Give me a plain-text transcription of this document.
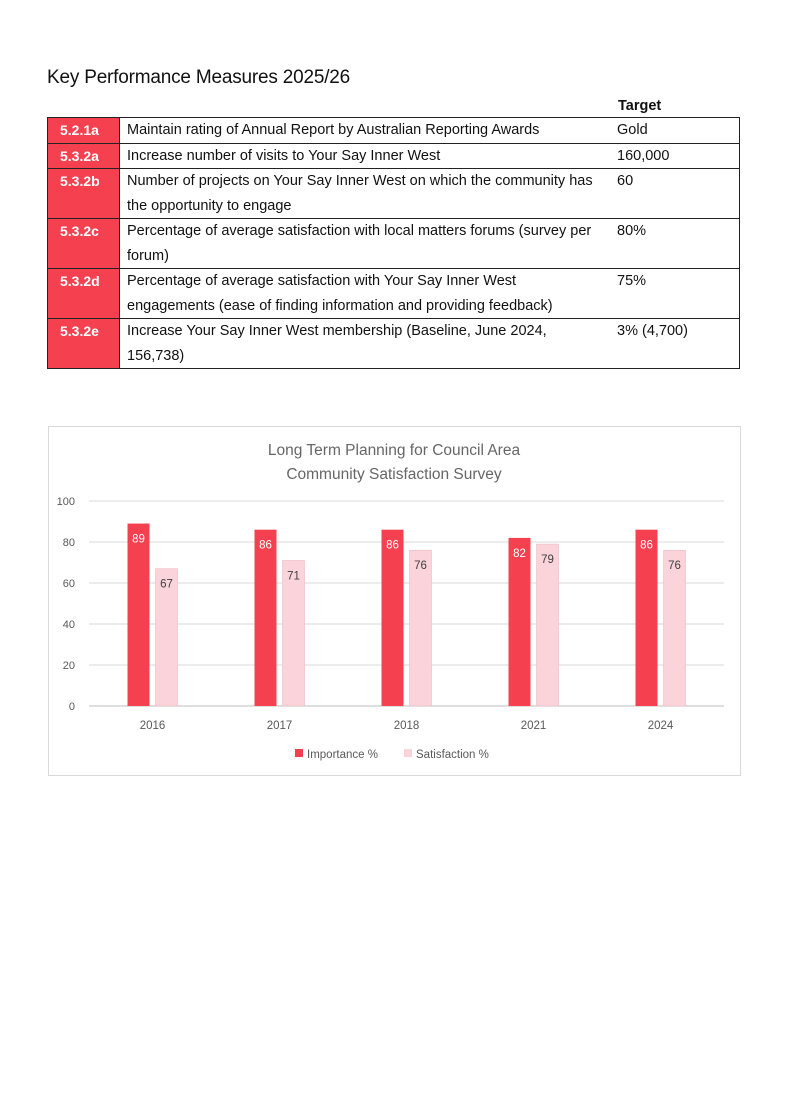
Key Performance Measures 2025/26
Target
5.2.1a	Maintain rating of Annual Report by Australian Reporting Awards	Gold
5.3.2a	Increase number of visits to Your Say Inner West	160,000
5.3.2b	Number of projects on Your Say Inner West on which the community has the opportunity to engage	60
5.3.2c	Percentage of average satisfaction with local matters forums (survey per forum)	80%
5.3.2d	Percentage of average satisfaction with Your Say Inner West engagements (ease of finding information and providing feedback)	75%
5.3.2e	Increase Your Say Inner West membership (Baseline, June 2024, 156,738)	3% (4,700)
Long Term Planning for Council Area
Community Satisfaction Survey
0
20
40
60
80
100
89
67
86
71
86
76
82
79
86
76
2016	2017	2018	2021	2024
Importance %	Satisfaction %
